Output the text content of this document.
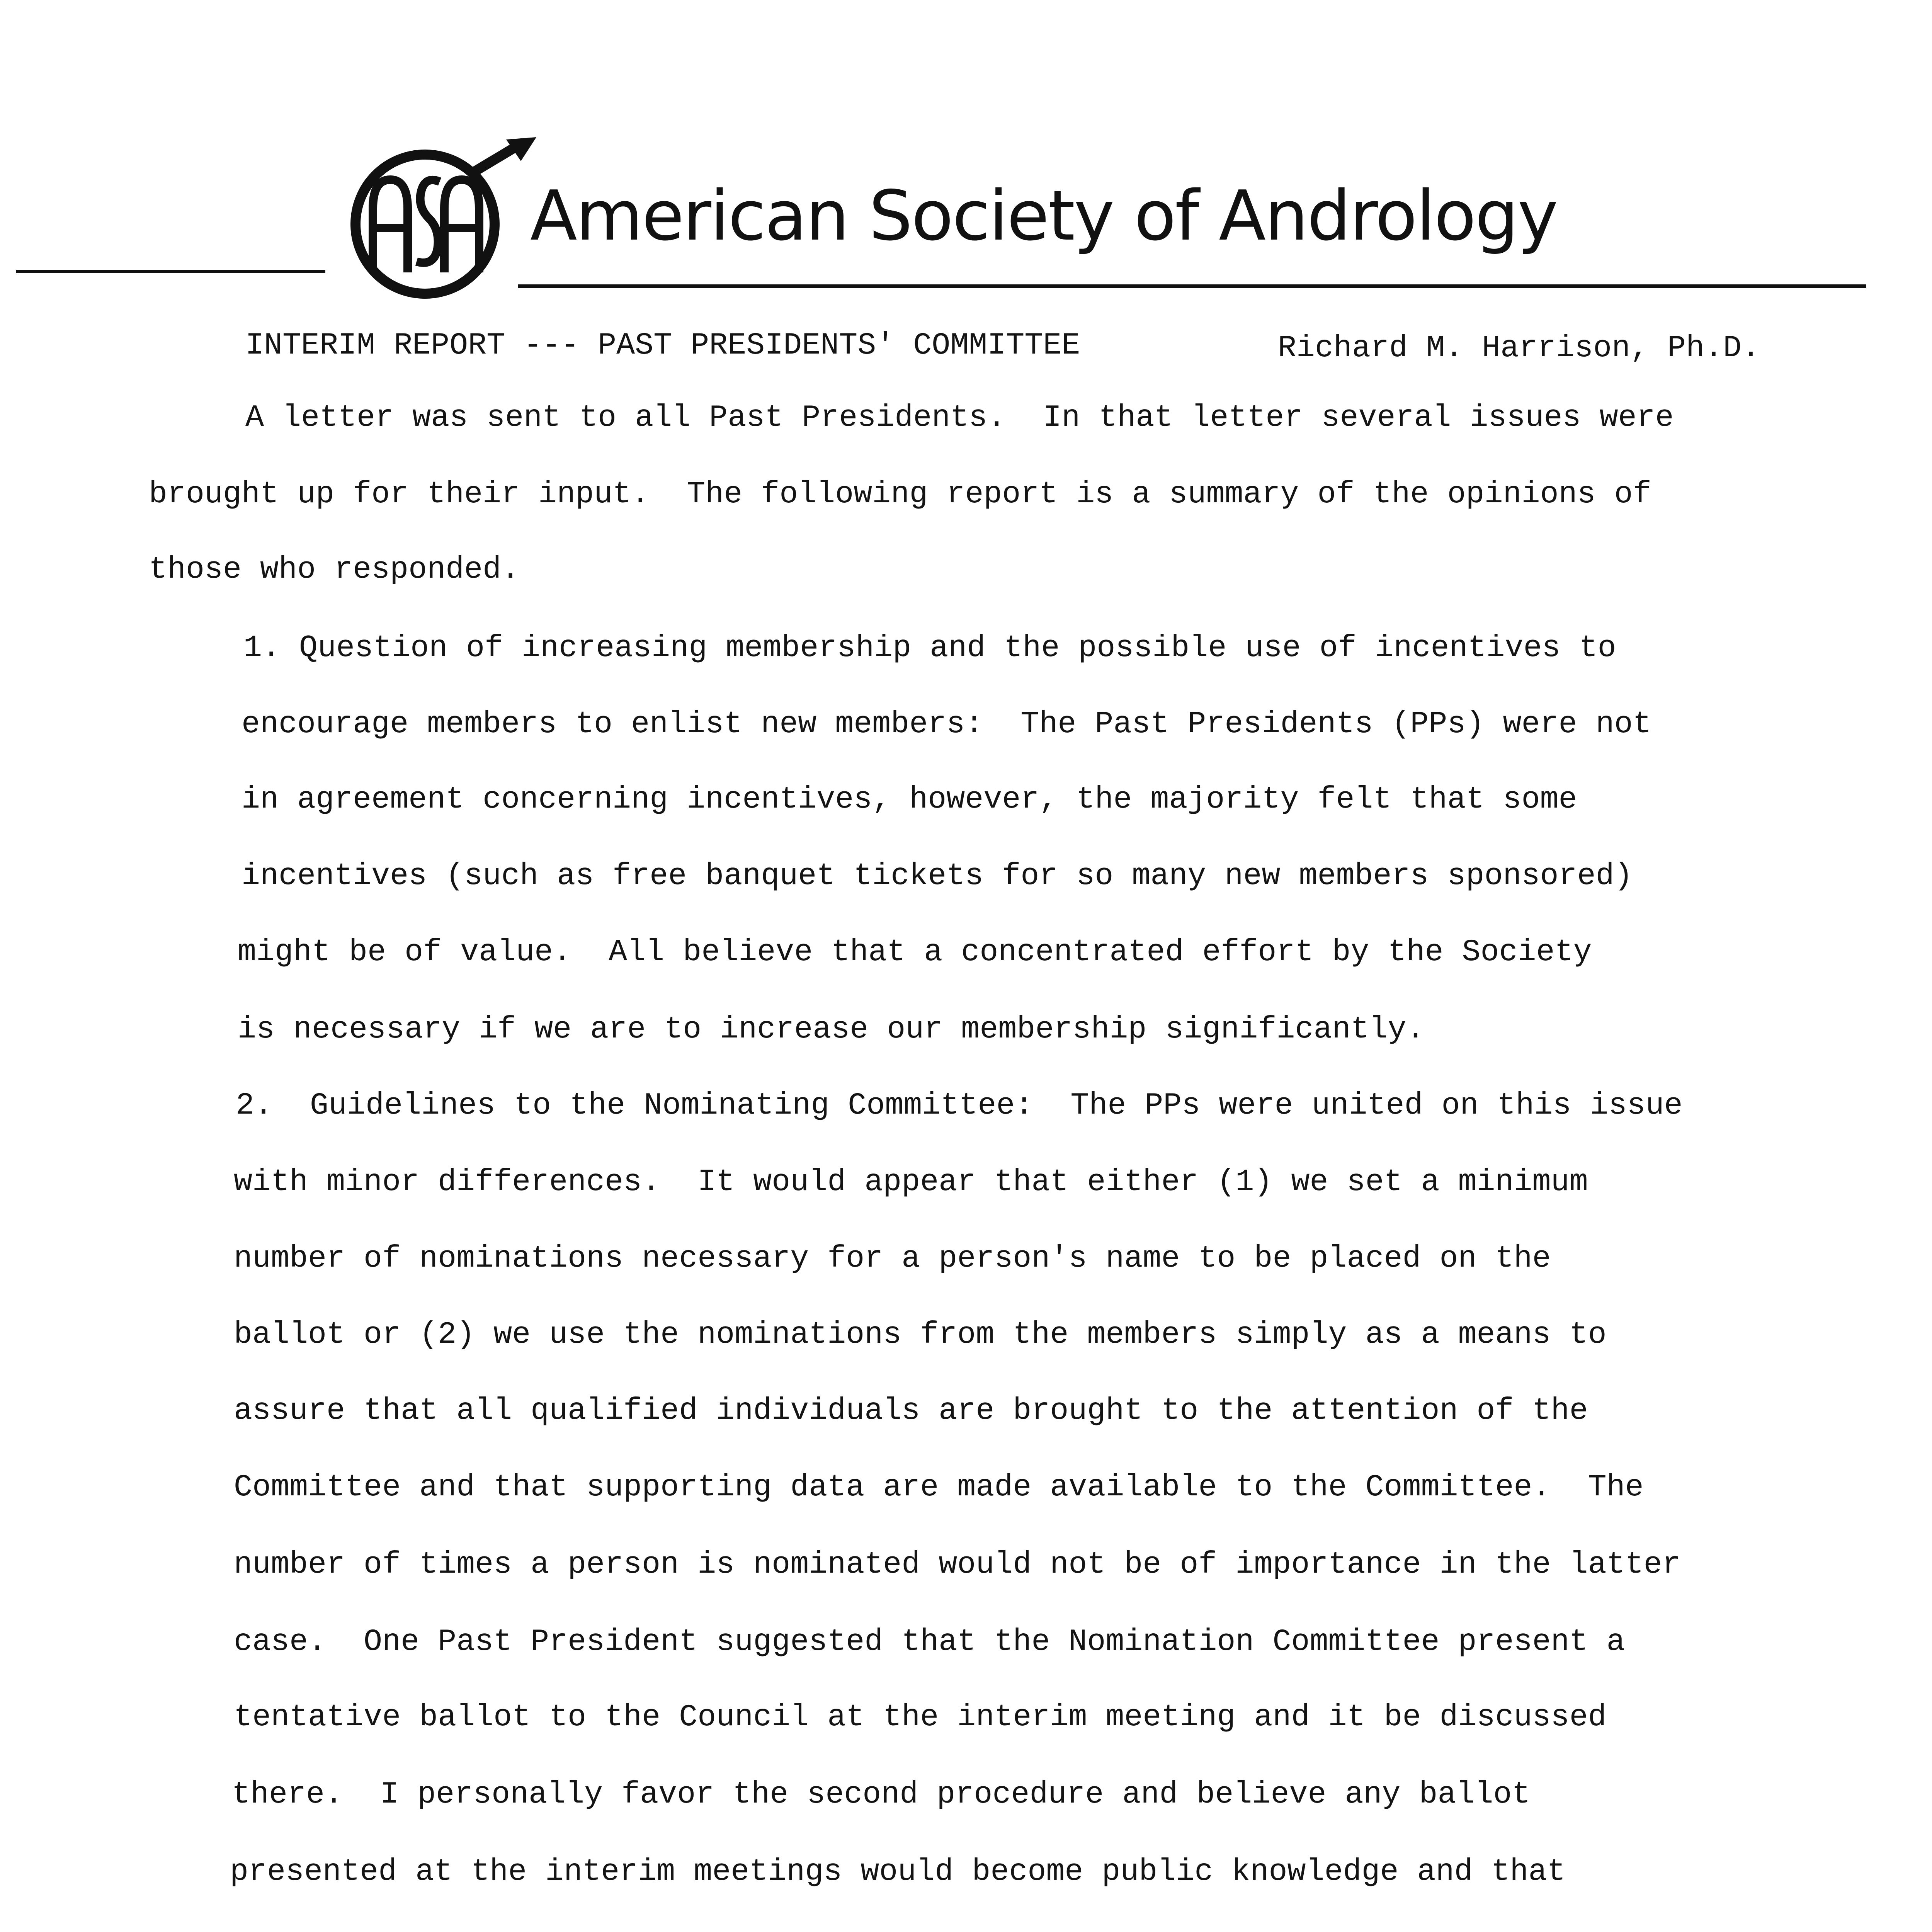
American Society of Andrology
INTERIM REPORT --- PAST PRESIDENTS' COMMITTEE	Richard M. Harrison, Ph.D.
A letter was sent to all Past Presidents.  In that letter several issues were
brought up for their input.  The following report is a summary of the opinions of
those who responded.
1. Question of increasing membership and the possible use of incentives to
encourage members to enlist new members:  The Past Presidents (PPs) were not
in agreement concerning incentives, however, the majority felt that some
incentives (such as free banquet tickets for so many new members sponsored)
might be of value.  All believe that a concentrated effort by the Society
is necessary if we are to increase our membership significantly.
2.  Guidelines to the Nominating Committee:  The PPs were united on this issue
with minor differences.  It would appear that either (1) we set a minimum
number of nominations necessary for a person's name to be placed on the
ballot or (2) we use the nominations from the members simply as a means to
assure that all qualified individuals are brought to the attention of the
Committee and that supporting data are made available to the Committee.  The
number of times a person is nominated would not be of importance in the latter
case.  One Past President suggested that the Nomination Committee present a
tentative ballot to the Council at the interim meeting and it be discussed
there.  I personally favor the second procedure and believe any ballot
presented at the interim meetings would become public knowledge and that
